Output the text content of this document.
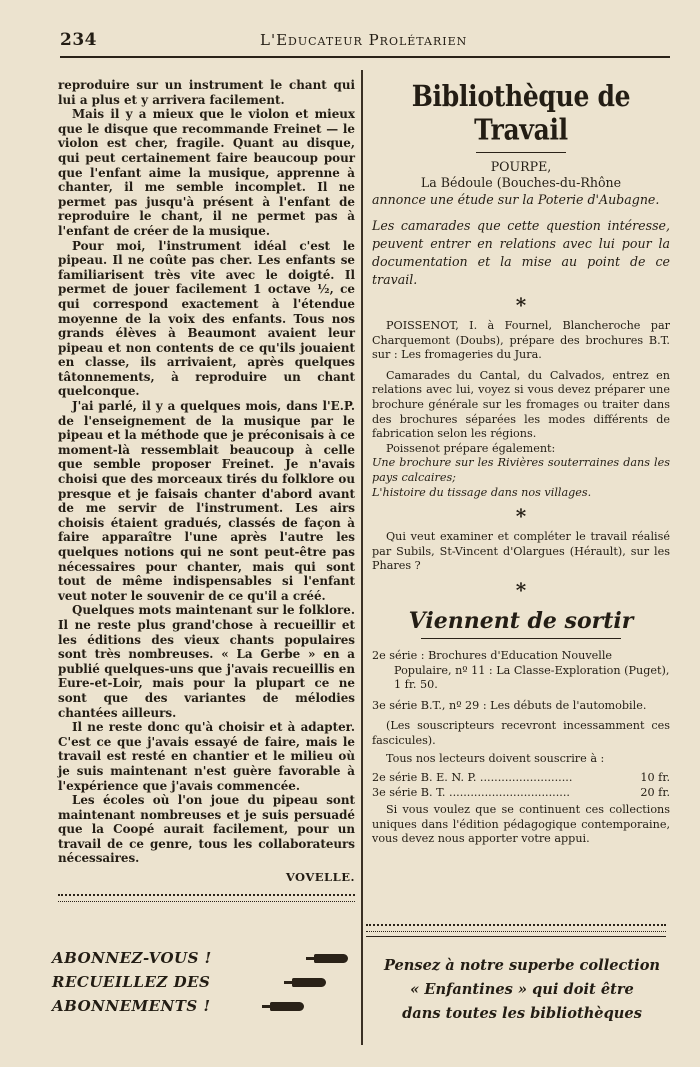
234	L'Educateur Prolétarien

reproduire sur un instrument le chant qui lui a plus et y arrivera facilement.

Mais il y a mieux que le violon et mieux que le disque que recommande Freinet — le violon est cher, fragile. Quant au disque, qui peut certainement faire beaucoup pour que l'enfant aime la musique, apprenne à chanter, il me semble incomplet. Il ne permet pas jusqu'à présent à l'enfant de reproduire le chant, il ne permet pas à l'enfant de créer de la musique.

Pour moi, l'instrument idéal c'est le pipeau. Il ne coûte pas cher. Les enfants se familiarisent très vite avec le doigté. Il permet de jouer facilement 1 octave ½, ce qui correspond exactement à l'étendue moyenne de la voix des enfants. Tous nos grands élèves à Beaumont avaient leur pipeau et non contents de ce qu'ils jouaient en classe, ils arrivaient, après quelques tâtonnements, à reproduire un chant quelconque.

J'ai parlé, il y a quelques mois, dans l'E.P. de l'enseignement de la musique par le pipeau et la méthode que je préconisais à ce moment-là ressemblait beaucoup à celle que semble proposer Freinet. Je n'avais choisi que des morceaux tirés du folklore ou presque et je faisais chanter d'abord avant de me servir de l'instrument. Les airs choisis étaient gradués, classés de façon à faire apparaître l'une après l'autre les quelques notions qui ne sont peut-être pas nécessaires pour chanter, mais qui sont tout de même indispensables si l'enfant veut noter le souvenir de ce qu'il a créé.

Quelques mots maintenant sur le folklore. Il ne reste plus grand'chose à recueillir et les éditions des vieux chants populaires sont très nombreuses. « La Gerbe » en a publié quelques-uns que j'avais recueillis en Eure-et-Loir, mais pour la plupart ce ne sont que des variantes de mélodies chantées ailleurs.

Il ne reste donc qu'à choisir et à adapter. C'est ce que j'avais essayé de faire, mais le travail est resté en chantier et le milieu où je suis maintenant n'est guère favorable à l'expérience que j'avais commencée.

Les écoles où l'on joue du pipeau sont maintenant nombreuses et je suis persuadé que la Coopé aurait facilement, pour un travail de ce genre, tous les collaborateurs nécessaires.

VOVELLE.
ABONNEZ-VOUS !
RECUEILLEZ DES
ABONNEMENTS !
Bibliothèque de Travail
POURPE,
La Bédoule (Bouches-du-Rhône
annonce une étude sur la Poterie d'Aubagne.
Les camarades que cette question intéresse, peuvent entrer en relations avec lui pour la documentation et la mise au point de ce travail.
*

POISSENOT, I. à Fournel, Blancheroche par Charquemont (Doubs), prépare des brochures B.T. sur : Les fromageries du Jura.

Camarades du Cantal, du Calvados, entrez en relations avec lui, voyez si vous devez préparer une brochure générale sur les fromages ou traiter dans des brochures séparées les modes différents de fabrication selon les régions.

Poissenot prépare également:

Une brochure sur les Rivières souterraines dans les pays calcaires;

L'histoire du tissage dans nos villages.

*

Qui veut examiner et compléter le travail réalisé par Subils, St-Vincent d'Olargues (Hérault), sur les Phares ?

*
Viennent de sortir

2e série : Brochures d'Education Nouvelle Populaire, nº 11 : La Classe-Exploration (Puget), 1 fr. 50.

3e série B.T., nº 29 : Les débuts de l'automobile.

(Les souscripteurs recevront incessamment ces fascicules).

Tous nos lecteurs doivent souscrire à :

2e série B. E. N. P. ..........................	10 fr.
3e série B. T. ..................................	20 fr.

Si vous voulez que se continuent ces collections uniques dans l'édition pédagogique contemporaine, vous devez nous apporter votre appui.

Pensez à notre superbe collection
« Enfantines » qui doit être
dans toutes les bibliothèques
